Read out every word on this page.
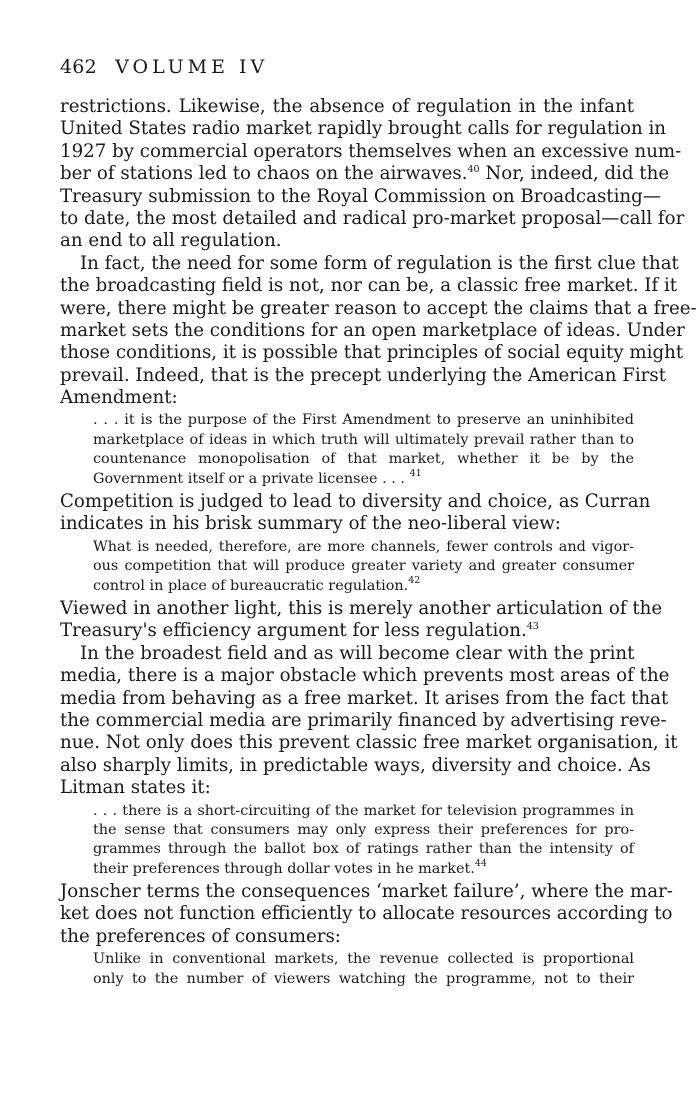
462 VOLUME IV
restrictions. Likewise, the absence of regulation in the infant
United States radio market rapidly brought calls for regulation in
1927 by commercial operators themselves when an excessive num-
ber of stations led to chaos on the airwaves.$^{40}$ Nor, indeed, did the
Treasury submission to the Royal Commission on Broadcasting—
to date, the most detailed and radical pro-market proposal—call for
an end to all regulation.
In fact, the need for some form of regulation is the first clue that
the broadcasting field is not, nor can be, a classic free market. If it
were, there might be greater reason to accept the claims that a free-
market sets the conditions for an open marketplace of ideas. Under
those conditions, it is possible that principles of social equity might
prevail. Indeed, that is the precept underlying the American First
Amendment:
. . . it is the purpose of the First Amendment to preserve an uninhibited
marketplace of ideas in which truth will ultimately prevail rather than to
countenance monopolisation of that market, whether it be by the
Government itself or a private licensee . . . $^{41}$
Competition is judged to lead to diversity and choice, as Curran
indicates in his brisk summary of the neo-liberal view:
What is needed, therefore, are more channels, fewer controls and vigor-
ous competition that will produce greater variety and greater consumer
control in place of bureaucratic regulation.$^{42}$
Viewed in another light, this is merely another articulation of the
Treasury's efficiency argument for less regulation.$^{43}$
In the broadest field and as will become clear with the print
media, there is a major obstacle which prevents most areas of the
media from behaving as a free market. It arises from the fact that
the commercial media are primarily financed by advertising reve-
nue. Not only does this prevent classic free market organisation, it
also sharply limits, in predictable ways, diversity and choice. As
Litman states it:
. . . there is a short-circuiting of the market for television programmes in
the sense that consumers may only express their preferences for pro-
grammes through the ballot box of ratings rather than the intensity of
their preferences through dollar votes in he market.$^{44}$
Jonscher terms the consequences ‘market failure’, where the mar-
ket does not function efficiently to allocate resources according to
the preferences of consumers:
Unlike in conventional markets, the revenue collected is proportional
only to the number of viewers watching the programme, not to their
